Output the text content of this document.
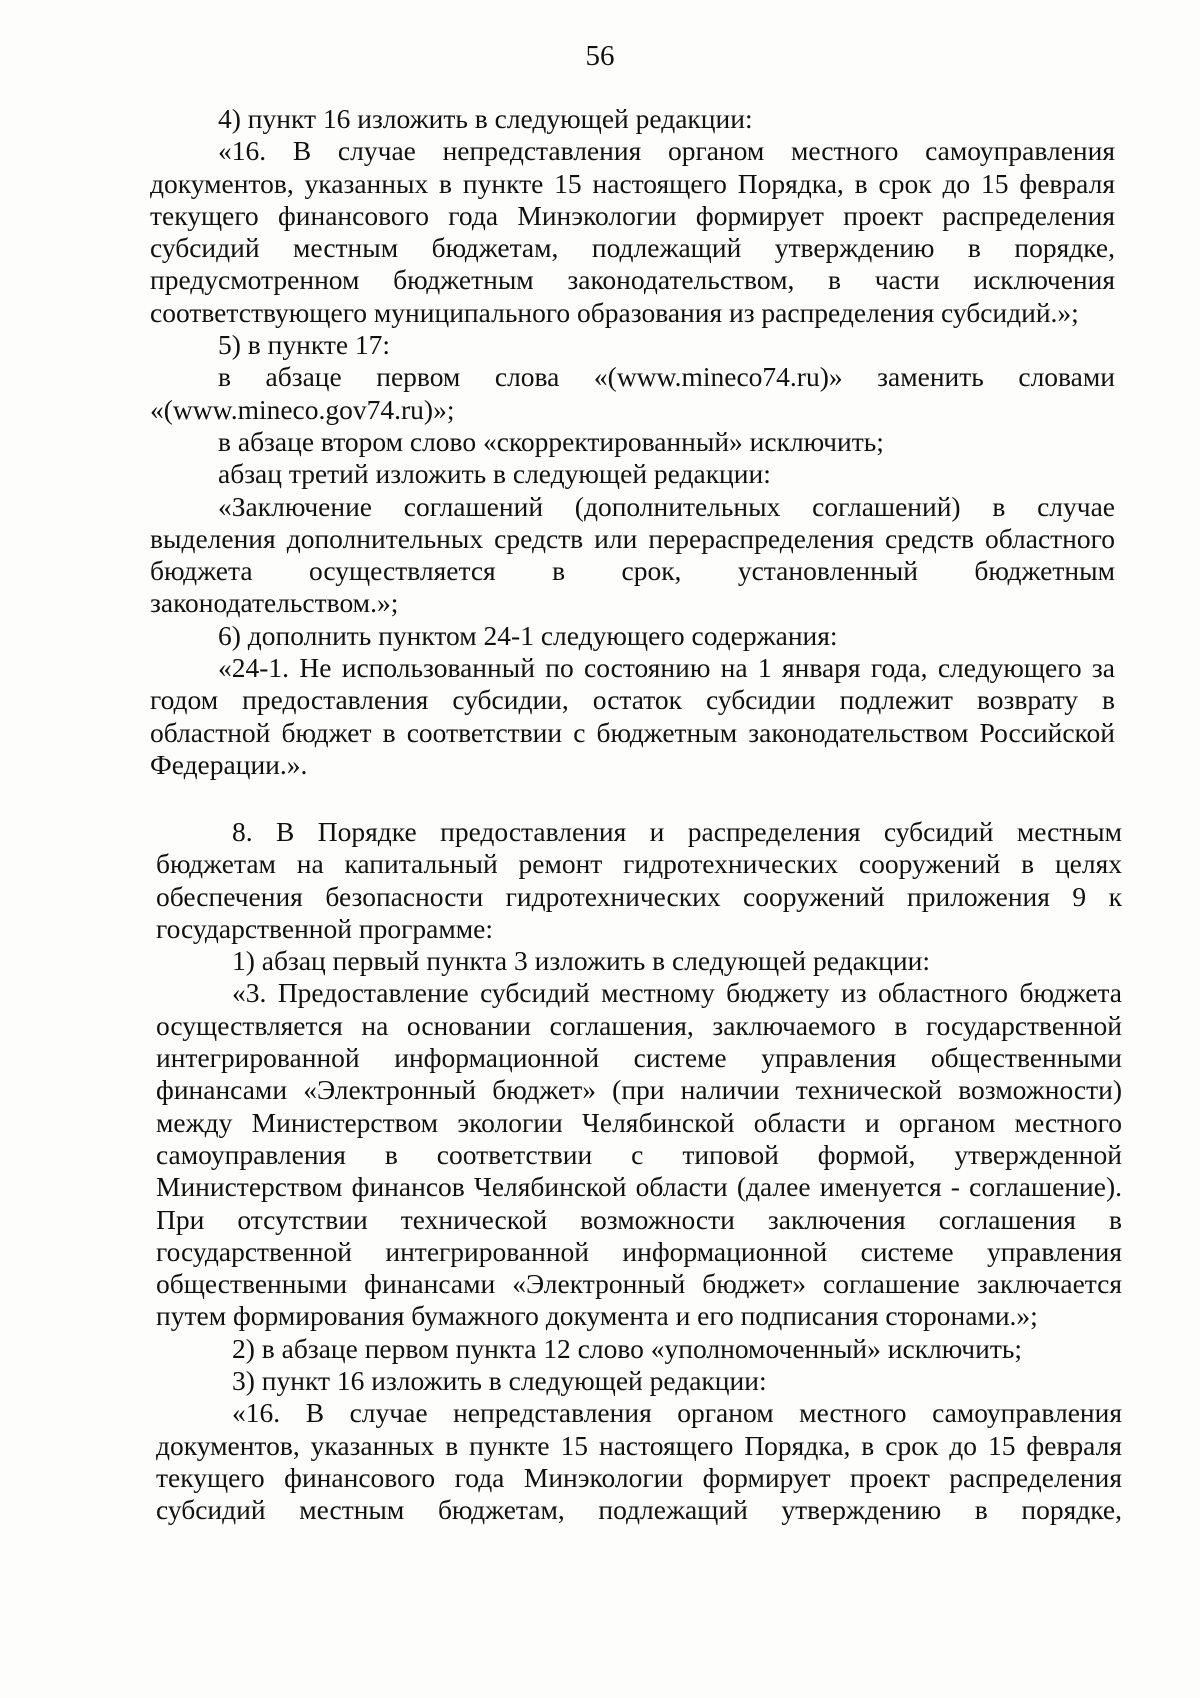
56

4) пункт 16 изложить в следующей редакции:

«16. В случае непредставления органом местного самоуправления документов, указанных в пункте 15 настоящего Порядка, в срок до 15 февраля текущего финансового года Минэкологии формирует проект распределения субсидий местным бюджетам, подлежащий утверждению в порядке, предусмотренном бюджетным законодательством, в части исключения соответствующего муниципального образования из распределения субсидий.»;

5) в пункте 17:

в абзаце первом слова «(www.mineco74.ru)» заменить словами «(www.mineco.gov74.ru)»;

в абзаце втором слово «скорректированный» исключить;

абзац третий изложить в следующей редакции:

«Заключение соглашений (дополнительных соглашений) в случае выделения дополнительных средств или перераспределения средств областного бюджета осуществляется в срок, установленный бюджетным законодательством.»;

6) дополнить пунктом 24-1 следующего содержания:

«24-1. Не использованный по состоянию на 1 января года, следующего за годом предоставления субсидии, остаток субсидии подлежит возврату в областной бюджет в соответствии с бюджетным законодательством Российской Федерации.».

8. В Порядке предоставления и распределения субсидий местным бюджетам на капитальный ремонт гидротехнических сооружений в целях обеспечения безопасности гидротехнических сооружений приложения 9 к государственной программе:

1) абзац первый пункта 3 изложить в следующей редакции:

«3. Предоставление субсидий местному бюджету из областного бюджета осуществляется на основании соглашения, заключаемого в государственной интегрированной информационной системе управления общественными финансами «Электронный бюджет» (при наличии технической возможности) между Министерством экологии Челябинской области и органом местного самоуправления в соответствии с типовой формой, утвержденной Министерством финансов Челябинской области (далее именуется - соглашение). При отсутствии технической возможности заключения соглашения в государственной интегрированной информационной системе управления общественными финансами «Электронный бюджет» соглашение заключается путем формирования бумажного документа и его подписания сторонами.»;

2) в абзаце первом пункта 12 слово «уполномоченный» исключить;

3) пункт 16 изложить в следующей редакции:

«16. В случае непредставления органом местного самоуправления документов, указанных в пункте 15 настоящего Порядка, в срок до 15 февраля текущего финансового года Минэкологии формирует проект распределения субсидий местным бюджетам, подлежащий утверждению в порядке,
